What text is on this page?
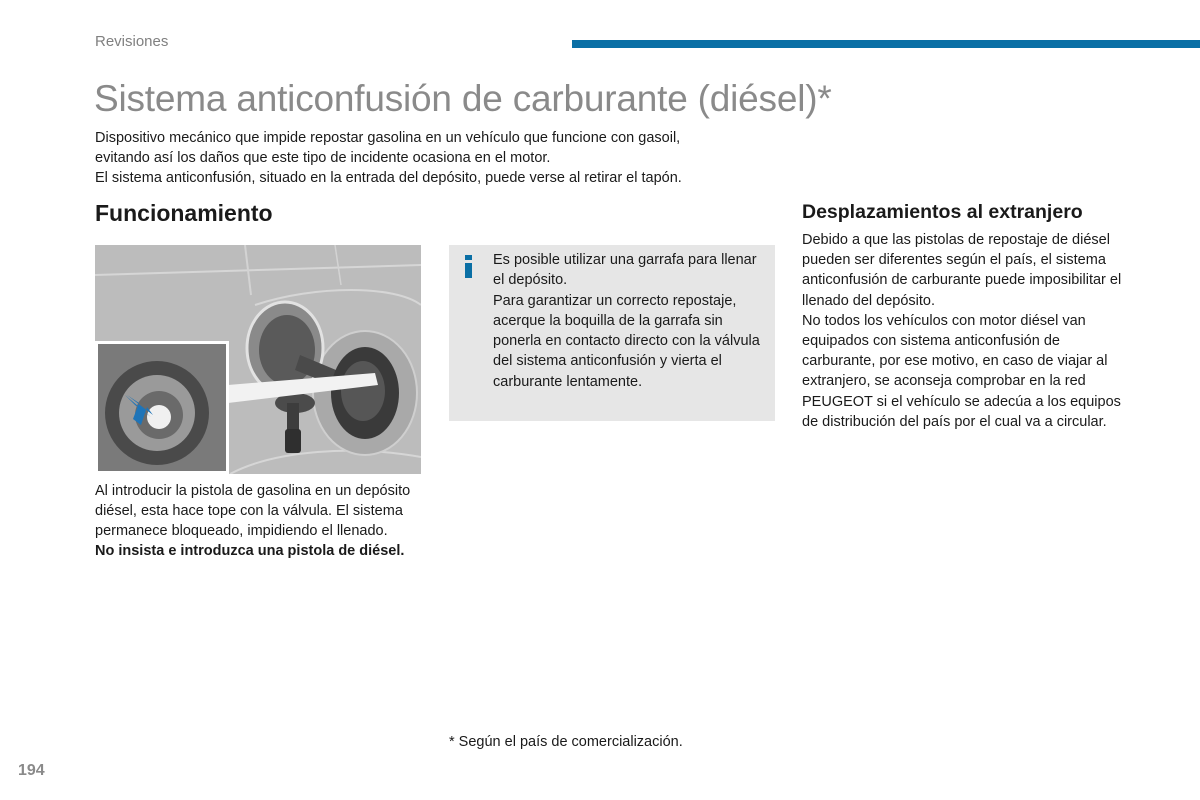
Revisiones
Sistema anticonfusión de carburante (diésel)*

Dispositivo mecánico que impide repostar gasolina en un vehículo que funcione con gasoil,

evitando así los daños que este tipo de incidente ocasiona en el motor.

El sistema anticonfusión, situado en la entrada del depósito, puede verse al retirar el tapón.

Funcionamiento

Al introducir la pistola de gasolina en un depósito diésel, esta hace tope con la válvula. El sistema permanece bloqueado, impidiendo el llenado.

No insista e introduzca una pistola de diésel.

Es posible utilizar una garrafa para llenar el depósito.

Para garantizar un correcto repostaje, acerque la boquilla de la garrafa sin ponerla en contacto directo con la válvula del sistema anticonfusión y vierta el carburante lentamente.

Desplazamientos al extranjero

Debido a que las pistolas de repostaje de diésel pueden ser diferentes según el país, el sistema anticonfusión de carburante puede imposibilitar el llenado del depósito.

No todos los vehículos con motor diésel van equipados con sistema anticonfusión de carburante, por ese motivo, en caso de viajar al extranjero, se aconseja comprobar en la red PEUGEOT si el vehículo se adecúa a los equipos de distribución del país por el cual va a circular.

* Según el país de comercialización.
194
